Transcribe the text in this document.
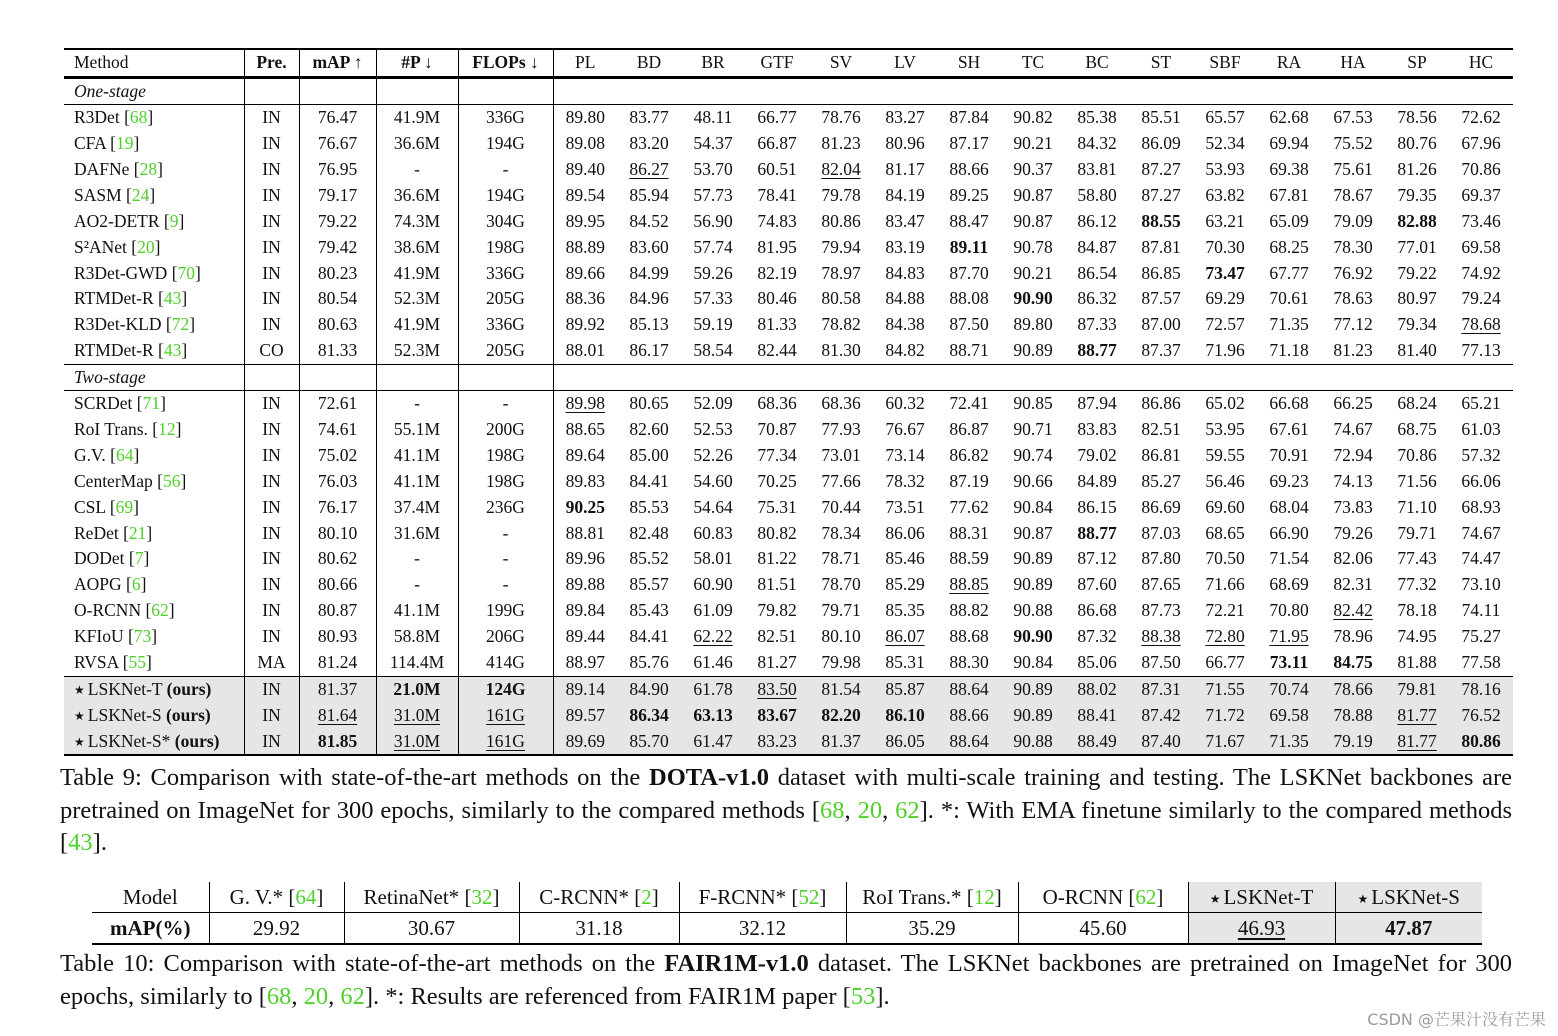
Method	Pre.	mAP ↑	#P ↓	FLOPs ↓	PL	BD	BR	GTF	SV	LV	SH	TC	BC	ST	SBF	RA	HA	SP	HC
One-stage																			
R3Det [68]	IN	76.47	41.9M	336G	89.80	83.77	48.11	66.77	78.76	83.27	87.84	90.82	85.38	85.51	65.57	62.68	67.53	78.56	72.62
CFA [19]	IN	76.67	36.6M	194G	89.08	83.20	54.37	66.87	81.23	80.96	87.17	90.21	84.32	86.09	52.34	69.94	75.52	80.76	67.96
DAFNe [28]	IN	76.95	-	-	89.40	86.27	53.70	60.51	82.04	81.17	88.66	90.37	83.81	87.27	53.93	69.38	75.61	81.26	70.86
SASM [24]	IN	79.17	36.6M	194G	89.54	85.94	57.73	78.41	79.78	84.19	89.25	90.87	58.80	87.27	63.82	67.81	78.67	79.35	69.37
AO2-DETR [9]	IN	79.22	74.3M	304G	89.95	84.52	56.90	74.83	80.86	83.47	88.47	90.87	86.12	88.55	63.21	65.09	79.09	82.88	73.46
S²ANet [20]	IN	79.42	38.6M	198G	88.89	83.60	57.74	81.95	79.94	83.19	89.11	90.78	84.87	87.81	70.30	68.25	78.30	77.01	69.58
R3Det-GWD [70]	IN	80.23	41.9M	336G	89.66	84.99	59.26	82.19	78.97	84.83	87.70	90.21	86.54	86.85	73.47	67.77	76.92	79.22	74.92
RTMDet-R [43]	IN	80.54	52.3M	205G	88.36	84.96	57.33	80.46	80.58	84.88	88.08	90.90	86.32	87.57	69.29	70.61	78.63	80.97	79.24
R3Det-KLD [72]	IN	80.63	41.9M	336G	89.92	85.13	59.19	81.33	78.82	84.38	87.50	89.80	87.33	87.00	72.57	71.35	77.12	79.34	78.68
RTMDet-R [43]	CO	81.33	52.3M	205G	88.01	86.17	58.54	82.44	81.30	84.82	88.71	90.89	88.77	87.37	71.96	71.18	81.23	81.40	77.13
Two-stage																			
SCRDet [71]	IN	72.61	-	-	89.98	80.65	52.09	68.36	68.36	60.32	72.41	90.85	87.94	86.86	65.02	66.68	66.25	68.24	65.21
RoI Trans. [12]	IN	74.61	55.1M	200G	88.65	82.60	52.53	70.87	77.93	76.67	86.87	90.71	83.83	82.51	53.95	67.61	74.67	68.75	61.03
G.V. [64]	IN	75.02	41.1M	198G	89.64	85.00	52.26	77.34	73.01	73.14	86.82	90.74	79.02	86.81	59.55	70.91	72.94	70.86	57.32
CenterMap [56]	IN	76.03	41.1M	198G	89.83	84.41	54.60	70.25	77.66	78.32	87.19	90.66	84.89	85.27	56.46	69.23	74.13	71.56	66.06
CSL [69]	IN	76.17	37.4M	236G	90.25	85.53	54.64	75.31	70.44	73.51	77.62	90.84	86.15	86.69	69.60	68.04	73.83	71.10	68.93
ReDet [21]	IN	80.10	31.6M	-	88.81	82.48	60.83	80.82	78.34	86.06	88.31	90.87	88.77	87.03	68.65	66.90	79.26	79.71	74.67
DODet [7]	IN	80.62	-	-	89.96	85.52	58.01	81.22	78.71	85.46	88.59	90.89	87.12	87.80	70.50	71.54	82.06	77.43	74.47
AOPG [6]	IN	80.66	-	-	89.88	85.57	60.90	81.51	78.70	85.29	88.85	90.89	87.60	87.65	71.66	68.69	82.31	77.32	73.10
O-RCNN [62]	IN	80.87	41.1M	199G	89.84	85.43	61.09	79.82	79.71	85.35	88.82	90.88	86.68	87.73	72.21	70.80	82.42	78.18	74.11
KFIoU [73]	IN	80.93	58.8M	206G	89.44	84.41	62.22	82.51	80.10	86.07	88.68	90.90	87.32	88.38	72.80	71.95	78.96	74.95	75.27
RVSA [55]	MA	81.24	114.4M	414G	88.97	85.76	61.46	81.27	79.98	85.31	88.30	90.84	85.06	87.50	66.77	73.11	84.75	81.88	77.58
★ LSKNet-T (ours)	IN	81.37	21.0M	124G	89.14	84.90	61.78	83.50	81.54	85.87	88.64	90.89	88.02	87.31	71.55	70.74	78.66	79.81	78.16
★ LSKNet-S (ours)	IN	81.64	31.0M	161G	89.57	86.34	63.13	83.67	82.20	86.10	88.66	90.89	88.41	87.42	71.72	69.58	78.88	81.77	76.52
★ LSKNet-S* (ours)	IN	81.85	31.0M	161G	89.69	85.70	61.47	83.23	81.37	86.05	88.64	90.88	88.49	87.40	71.67	71.35	79.19	81.77	80.86
Table 9: Comparison with state-of-the-art methods on the DOTA-v1.0 dataset with multi-scale training and testing. The LSKNet backbones are pretrained on ImageNet for 300 epochs, similarly to the compared methods [68, 20, 62]. *: With EMA finetune similarly to the compared methods [43].
Model	G. V.* [64]	RetinaNet* [32]	C-RCNN* [2]	F-RCNN* [52]	RoI Trans.* [12]	O-RCNN [62]	★ LSKNet-T	★ LSKNet-S
mAP(%)	29.92	30.67	31.18	32.12	35.29	45.60	46.93	47.87
Table 10: Comparison with state-of-the-art methods on the FAIR1M-v1.0 dataset. The LSKNet backbones are pretrained on ImageNet for 300 epochs, similarly to [68, 20, 62]. *: Results are referenced from FAIR1M paper [53].
CSDN @芒果汁没有芒果
